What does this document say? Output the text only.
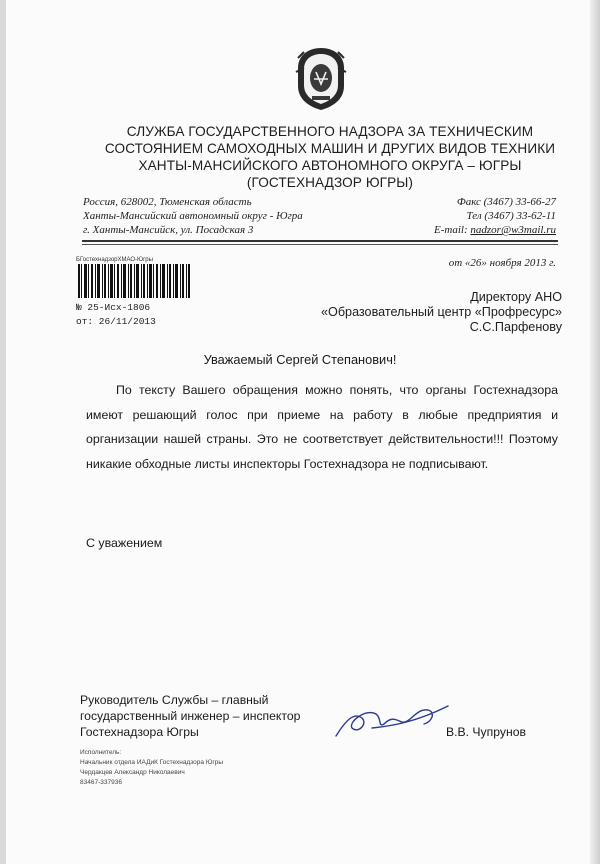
СЛУЖБА ГОСУДАРСТВЕННОГО НАДЗОРА ЗА ТЕХНИЧЕСКИМ
СОСТОЯНИЕМ САМОХОДНЫХ МАШИН И ДРУГИХ ВИДОВ ТЕХНИКИ
ХАНТЫ-МАНСИЙСКОГО АВТОНОМНОГО ОКРУГА – ЮГРЫ
(ГОСТЕХНАДЗОР ЮГРЫ)
Россия, 628002, Тюменская область
Ханты-Мансийский автономный округ - Югра
г. Ханты-Мансийск, ул. Посадская 3
Факс (3467) 33-66-27
Тел (3467) 33-62-11
E-mail: nadzor@w3mail.ru
БГостехнадзорХМАО-Югры
№ 25-Исх-1806
от: 26/11/2013
от «26» ноября 2013 г.
Директору АНО
«Образовательный центр «Профресурс»
С.С.Парфенову
Уважаемый Сергей Степанович!

По тексту Вашего обращения можно понять, что органы Гостехнадзора имеют решающий голос при приеме на работу в любые предприятия и организации нашей страны. Это не соответствует действительности!!! Поэтому никакие обходные листы инспекторы Гостехнадзора не подписывают.

С уважением
Руководитель Службы – главный
государственный инженер – инспектор
Гостехнадзора Югры	В.В. Чупрунов
Исполнитель:
Начальник отдела ИАДиК Гостехнадзора Югры
Чердакцев Александр Николаевич
83467-337936
